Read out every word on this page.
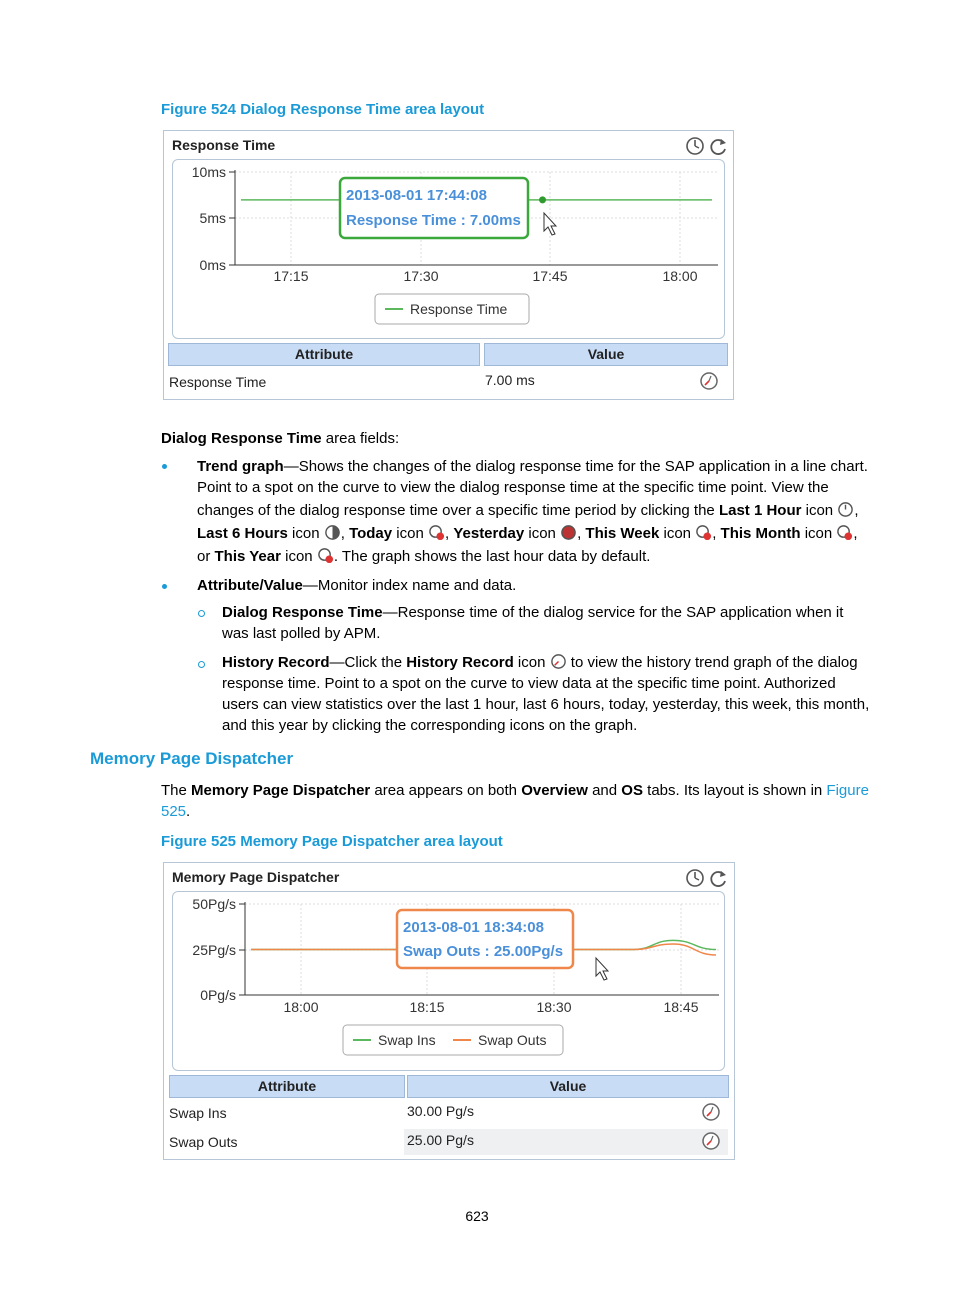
Figure 524 Dialog Response Time area layout
Response Time
10ms
5ms
0ms
17:15	17:30	17:45	18:00
2013-08-01 17:44:08
Response Time : 7.00ms
Response Time
Attribute	Value
Response Time	7.00 ms
Dialog Response Time area fields:
Trend graph—Shows the changes of the dialog response time for the SAP application in a line chart.
Point to a spot on the curve to view the dialog response time at the specific time point. View the
changes of the dialog response time over a specific time period by clicking the Last 1 Hour icon ,
Last 6 Hours icon , Today icon , Yesterday icon , This Week icon , This Month icon ,
or This Year icon . The graph shows the last hour data by default.
Attribute/Value—Monitor index name and data.
Dialog Response Time—Response time of the dialog service for the SAP application when it
was last polled by APM.
History Record—Click the History Record icon  to view the history trend graph of the dialog
response time. Point to a spot on the curve to view data at the specific time point. Authorized
users can view statistics over the last 1 hour, last 6 hours, today, yesterday, this week, this month,
and this year by clicking the corresponding icons on the graph.
Memory Page Dispatcher
The Memory Page Dispatcher area appears on both Overview and OS tabs. Its layout is shown in Figure
525.
Figure 525 Memory Page Dispatcher area layout
Memory Page Dispatcher
50Pg/s
25Pg/s
0Pg/s
18:00	18:15	18:30	18:45
2013-08-01 18:34:08
Swap Outs : 25.00Pg/s
Swap Ins	Swap Outs
Attribute	Value
Swap Ins	30.00 Pg/s
Swap Outs	25.00 Pg/s
623
